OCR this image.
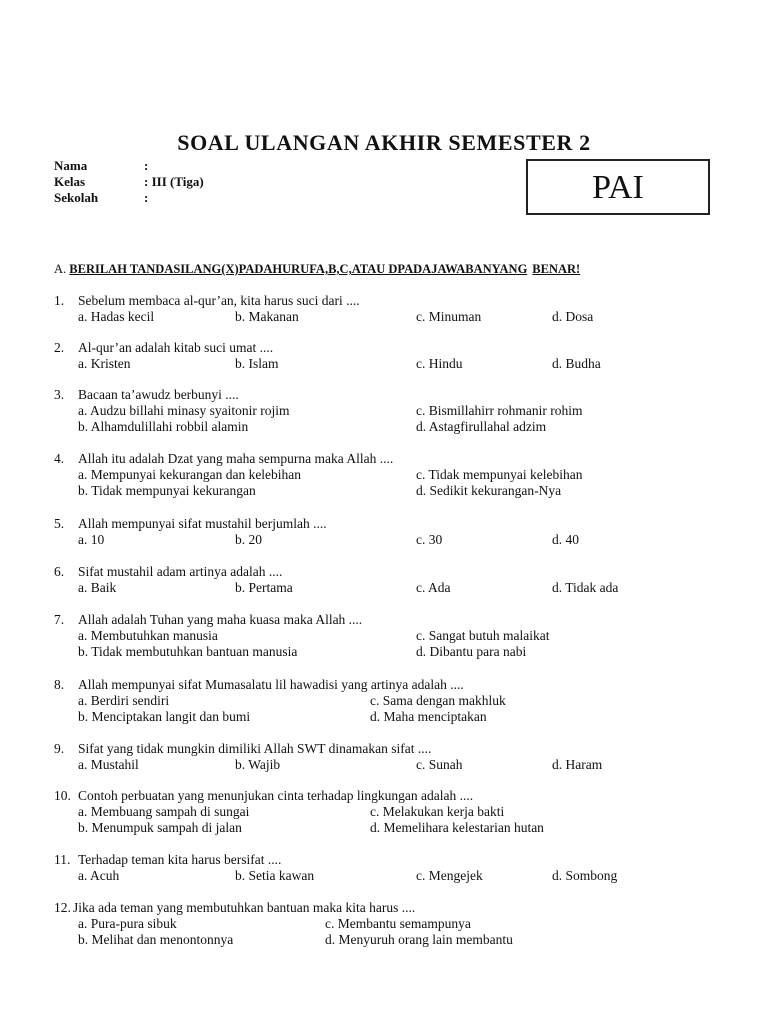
SOAL ULANGAN AKHIR SEMESTER 2
Nama	:
Kelas	: III (Tiga)
Sekolah	:	PAI
A. BERILAH TANDASILANG(X)PADAHURUFA,B,C,ATAU DPADAJAWABANYANG BENAR!
1. Sebelum membaca al-qur’an, kita harus suci dari ....
a. Hadas kecil	b. Makanan	c. Minuman	d. Dosa
2. Al-qur’an adalah kitab suci umat ....
a. Kristen	b. Islam	c. Hindu	d. Budha
3. Bacaan ta’awudz berbunyi ....
a. Audzu billahi minasy syaitonir rojim	c. Bismillahirr rohmanir rohim
b. Alhamdulillahi robbil alamin	d. Astagfirullahal adzim
4. Allah itu adalah Dzat yang maha sempurna maka Allah ....
a. Mempunyai kekurangan dan kelebihan	c. Tidak mempunyai kelebihan
b. Tidak mempunyai kekurangan	d. Sedikit kekurangan-Nya
5. Allah mempunyai sifat mustahil berjumlah ....
a. 10	b. 20	c. 30	d. 40
6. Sifat mustahil adam artinya adalah ....
a. Baik	b. Pertama	c. Ada	d. Tidak ada
7. Allah adalah Tuhan yang maha kuasa maka Allah ....
a. Membutuhkan manusia	c. Sangat butuh malaikat
b. Tidak membutuhkan bantuan manusia	d. Dibantu para nabi
8. Allah mempunyai sifat Mumasalatu lil hawadisi yang artinya adalah ....
a. Berdiri sendiri	c. Sama dengan makhluk
b. Menciptakan langit dan bumi	d. Maha menciptakan
9. Sifat yang tidak mungkin dimiliki Allah SWT dinamakan sifat ....
a. Mustahil	b. Wajib	c. Sunah	d. Haram
10. Contoh perbuatan yang menunjukan cinta terhadap lingkungan adalah ....
a. Membuang sampah di sungai	c. Melakukan kerja bakti
b. Menumpuk sampah di jalan	d. Memelihara kelestarian hutan
11. Terhadap teman kita harus bersifat ....
a. Acuh	b. Setia kawan	c. Mengejek	d. Sombong
12. Jika ada teman yang membutuhkan bantuan maka kita harus ....
a. Pura-pura sibuk	c. Membantu semampunya
b. Melihat dan menontonnya	d. Menyuruh orang lain membantu
